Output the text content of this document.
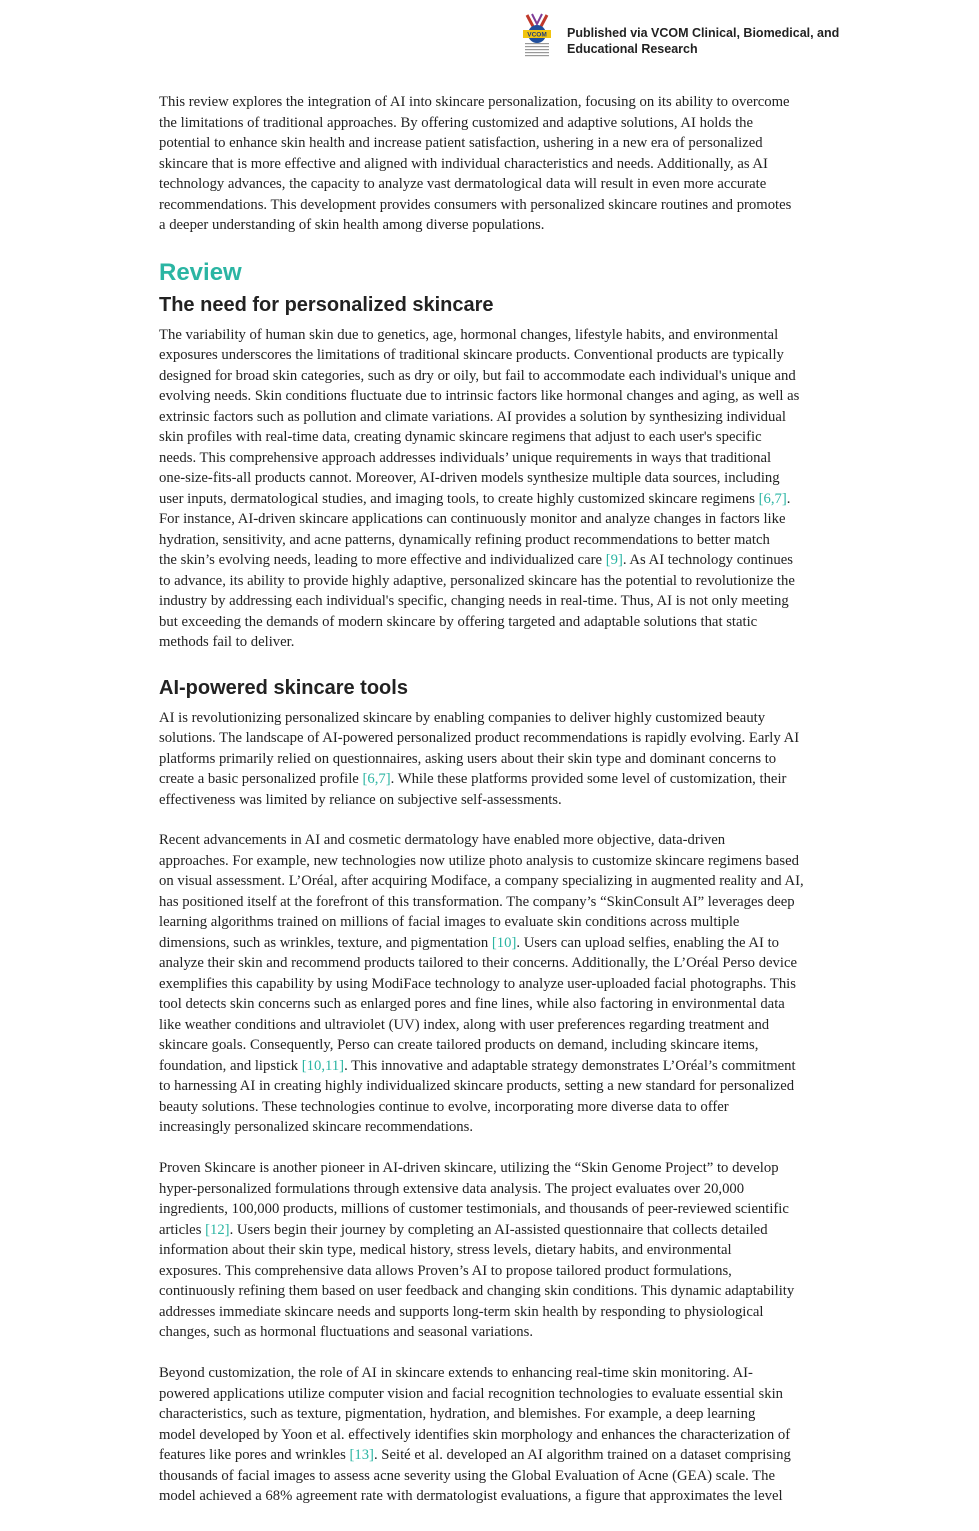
VCOM Published via VCOM Clinical, Biomedical, and
Educational Research

This review explores the integration of AI into skincare personalization, focusing on its ability to overcome
the limitations of traditional approaches. By offering customized and adaptive solutions, AI holds the
potential to enhance skin health and increase patient satisfaction, ushering in a new era of personalized
skincare that is more effective and aligned with individual characteristics and needs. Additionally, as AI
technology advances, the capacity to analyze vast dermatological data will result in even more accurate
recommendations. This development provides consumers with personalized skincare routines and promotes
a deeper understanding of skin health among diverse populations.

Review
The need for personalized skincare

The variability of human skin due to genetics, age, hormonal changes, lifestyle habits, and environmental
exposures underscores the limitations of traditional skincare products. Conventional products are typically
designed for broad skin categories, such as dry or oily, but fail to accommodate each individual's unique and
evolving needs. Skin conditions fluctuate due to intrinsic factors like hormonal changes and aging, as well as
extrinsic factors such as pollution and climate variations. AI provides a solution by synthesizing individual
skin profiles with real-time data, creating dynamic skincare regimens that adjust to each user's specific
needs. This comprehensive approach addresses individuals’ unique requirements in ways that traditional
one-size-fits-all products cannot. Moreover, AI-driven models synthesize multiple data sources, including
user inputs, dermatological studies, and imaging tools, to create highly customized skincare regimens [6,7].
For instance, AI-driven skincare applications can continuously monitor and analyze changes in factors like
hydration, sensitivity, and acne patterns, dynamically refining product recommendations to better match
the skin’s evolving needs, leading to more effective and individualized care [9]. As AI technology continues
to advance, its ability to provide highly adaptive, personalized skincare has the potential to revolutionize the
industry by addressing each individual's specific, changing needs in real-time. Thus, AI is not only meeting
but exceeding the demands of modern skincare by offering targeted and adaptable solutions that static
methods fail to deliver.

AI-powered skincare tools

AI is revolutionizing personalized skincare by enabling companies to deliver highly customized beauty
solutions. The landscape of AI-powered personalized product recommendations is rapidly evolving. Early AI
platforms primarily relied on questionnaires, asking users about their skin type and dominant concerns to
create a basic personalized profile [6,7]. While these platforms provided some level of customization, their
effectiveness was limited by reliance on subjective self-assessments.

Recent advancements in AI and cosmetic dermatology have enabled more objective, data-driven
approaches. For example, new technologies now utilize photo analysis to customize skincare regimens based
on visual assessment. L’Oréal, after acquiring Modiface, a company specializing in augmented reality and AI,
has positioned itself at the forefront of this transformation. The company’s “SkinConsult AI” leverages deep
learning algorithms trained on millions of facial images to evaluate skin conditions across multiple
dimensions, such as wrinkles, texture, and pigmentation [10]. Users can upload selfies, enabling the AI to
analyze their skin and recommend products tailored to their concerns. Additionally, the L’Oréal Perso device
exemplifies this capability by using ModiFace technology to analyze user-uploaded facial photographs. This
tool detects skin concerns such as enlarged pores and fine lines, while also factoring in environmental data
like weather conditions and ultraviolet (UV) index, along with user preferences regarding treatment and
skincare goals. Consequently, Perso can create tailored products on demand, including skincare items,
foundation, and lipstick [10,11]. This innovative and adaptable strategy demonstrates L’Oréal’s commitment
to harnessing AI in creating highly individualized skincare products, setting a new standard for personalized
beauty solutions. These technologies continue to evolve, incorporating more diverse data to offer
increasingly personalized skincare recommendations.

Proven Skincare is another pioneer in AI-driven skincare, utilizing the “Skin Genome Project” to develop
hyper-personalized formulations through extensive data analysis. The project evaluates over 20,000
ingredients, 100,000 products, millions of customer testimonials, and thousands of peer-reviewed scientific
articles [12]. Users begin their journey by completing an AI-assisted questionnaire that collects detailed
information about their skin type, medical history, stress levels, dietary habits, and environmental
exposures. This comprehensive data allows Proven’s AI to propose tailored product formulations,
continuously refining them based on user feedback and changing skin conditions. This dynamic adaptability
addresses immediate skincare needs and supports long-term skin health by responding to physiological
changes, such as hormonal fluctuations and seasonal variations.

Beyond customization, the role of AI in skincare extends to enhancing real-time skin monitoring. AI-
powered applications utilize computer vision and facial recognition technologies to evaluate essential skin
characteristics, such as texture, pigmentation, hydration, and blemishes. For example, a deep learning
model developed by Yoon et al. effectively identifies skin morphology and enhances the characterization of
features like pores and wrinkles [13]. Seité et al. developed an AI algorithm trained on a dataset comprising
thousands of facial images to assess acne severity using the Global Evaluation of Acne (GEA) scale. The
model achieved a 68% agreement rate with dermatologist evaluations, a figure that approximates the level
